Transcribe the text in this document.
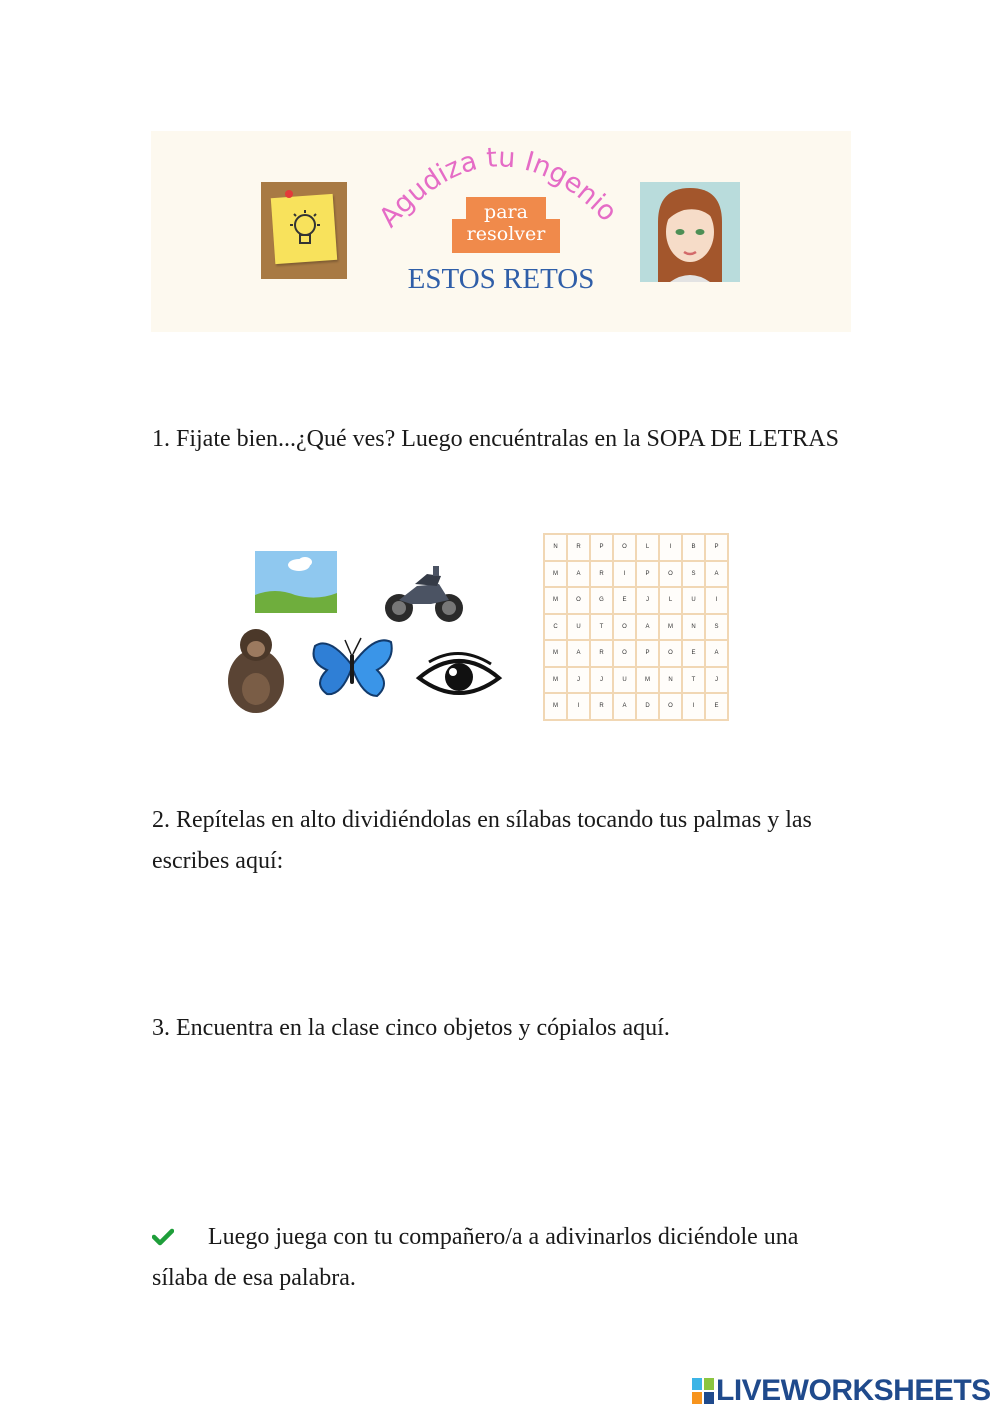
Agudiza tu Ingenio
para
resolver
ESTOS RETOS
1. Fijate bien...¿Qué ves? Luego encuéntralas en la SOPA DE LETRAS
N	R	P	O	L	I	B	P
M	A	R	I	P	O	S	A
M	O	G	E	J	L	U	I
C	U	T	O	A	M	N	S
M	A	R	O	P	O	E	A
M	J	J	U	M	N	T	J
M	I	R	A	D	O	I	E
2. Repítelas en alto dividiéndolas en sílabas tocando tus palmas y las escribes aquí:
3. Encuentra en la clase cinco objetos y cópialos aquí.
Luego juega con tu compañero/a a adivinarlos diciéndole una sílaba de esa palabra.
LIVEWORKSHEETS
